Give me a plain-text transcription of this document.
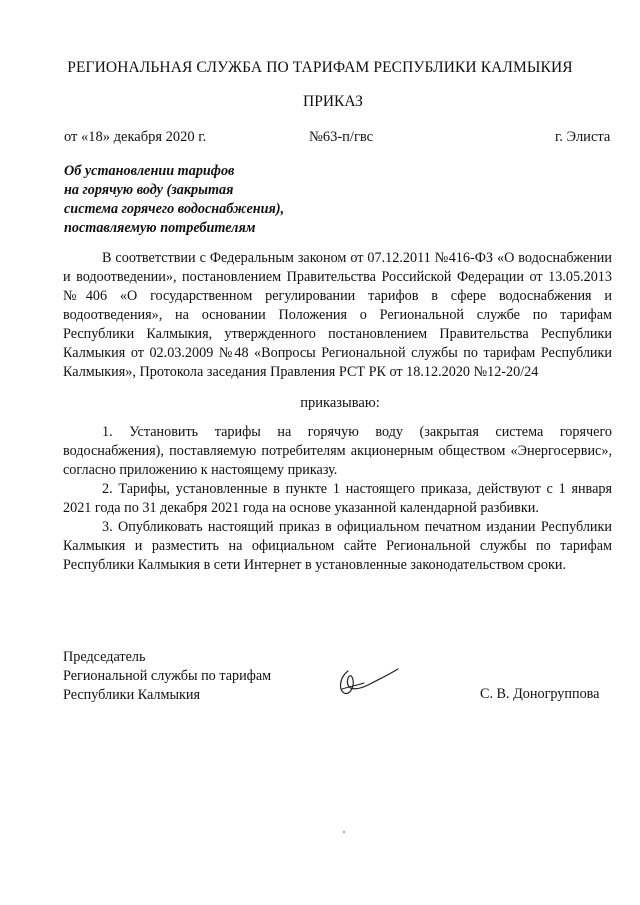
РЕГИОНАЛЬНАЯ СЛУЖБА ПО ТАРИФАМ РЕСПУБЛИКИ КАЛМЫКИЯ
ПРИКАЗ
от «18» декабря 2020 г.	№63-п/гвс	г. Элиста
Об установлении тарифов
на горячую воду (закрытая
система горячего водоснабжения),
поставляемую потребителям

В соответствии с Федеральным законом от 07.12.2011 №416-ФЗ «О водоснабжении и водоотведении», постановлением Правительства Российской Федерации от 13.05.2013 №406 «О государственном регулировании тарифов в сфере водоснабжения и водоотведения», на основании Положения о Региональной службе по тарифам Республики Калмыкия, утвержденного постановлением Правительства Республики Калмыкия от 02.03.2009 №48 «Вопросы Региональной службы по тарифам Республики Калмыкия», Протокола заседания Правления РСТ РК от 18.12.2020 №12-20/24

приказываю:

1. Установить тарифы на горячую воду (закрытая система горячего водоснабжения), поставляемую потребителям акционерным обществом «Энергосервис», согласно приложению к настоящему приказу.

2. Тарифы, установленные в пункте 1 настоящего приказа, действуют с 1 января 2021 года по 31 декабря 2021 года на основе указанной календарной разбивки.

3. Опубликовать настоящий приказ в официальном печатном издании Республики Калмыкия и разместить на официальном сайте Региональной службы по тарифам Республики Калмыкия в сети Интернет в установленные законодательством сроки.

Председатель
Региональной службы по тарифам
Республики Калмыкия	С. В. Доногруппова
